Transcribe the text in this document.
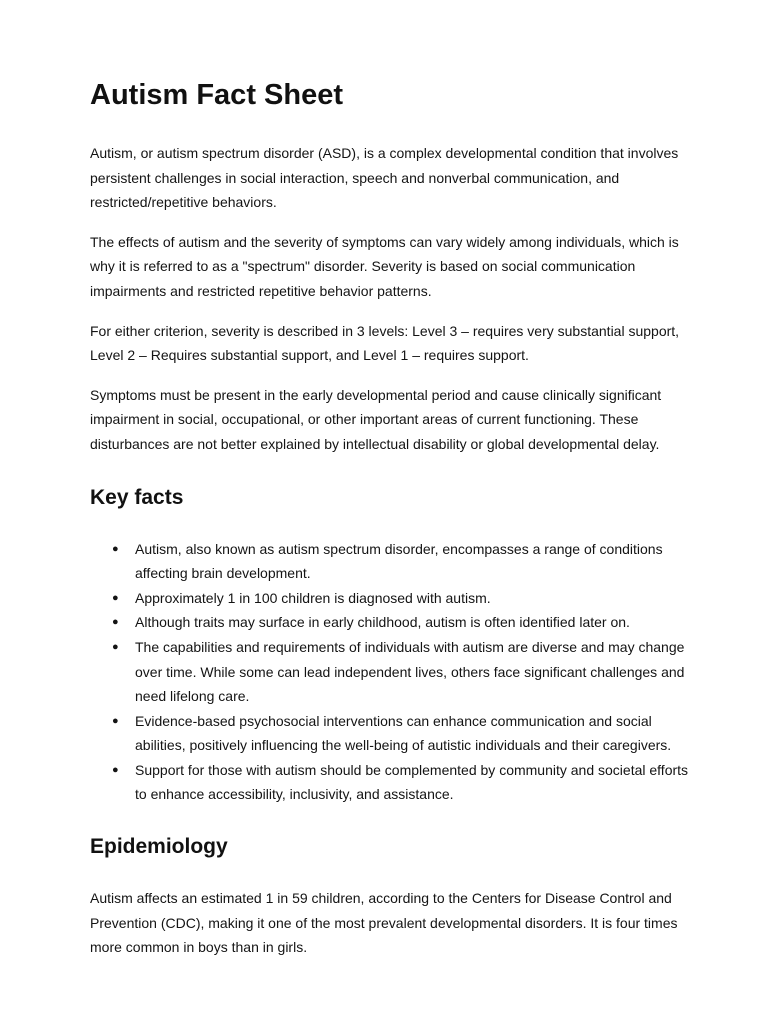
Autism Fact Sheet

Autism, or autism spectrum disorder (ASD), is a complex developmental condition that involves persistent challenges in social interaction, speech and nonverbal communication, and restricted/repetitive behaviors.

The effects of autism and the severity of symptoms can vary widely among individuals, which is why it is referred to as a "spectrum" disorder. Severity is based on social communication impairments and restricted repetitive behavior patterns.

For either criterion, severity is described in 3 levels: Level 3 – requires very substantial support, Level 2 – Requires substantial support, and Level 1 – requires support.

Symptoms must be present in the early developmental period and cause clinically significant impairment in social, occupational, or other important areas of current functioning. These disturbances are not better explained by intellectual disability or global developmental delay.

Key facts
● Autism, also known as autism spectrum disorder, encompasses a range of conditions affecting brain development.
● Approximately 1 in 100 children is diagnosed with autism.
● Although traits may surface in early childhood, autism is often identified later on.
● The capabilities and requirements of individuals with autism are diverse and may change over time. While some can lead independent lives, others face significant challenges and need lifelong care.
● Evidence-based psychosocial interventions can enhance communication and social abilities, positively influencing the well-being of autistic individuals and their caregivers.
● Support for those with autism should be complemented by community and societal efforts to enhance accessibility, inclusivity, and assistance.
Epidemiology

Autism affects an estimated 1 in 59 children, according to the Centers for Disease Control and Prevention (CDC), making it one of the most prevalent developmental disorders. It is four times more common in boys than in girls.
